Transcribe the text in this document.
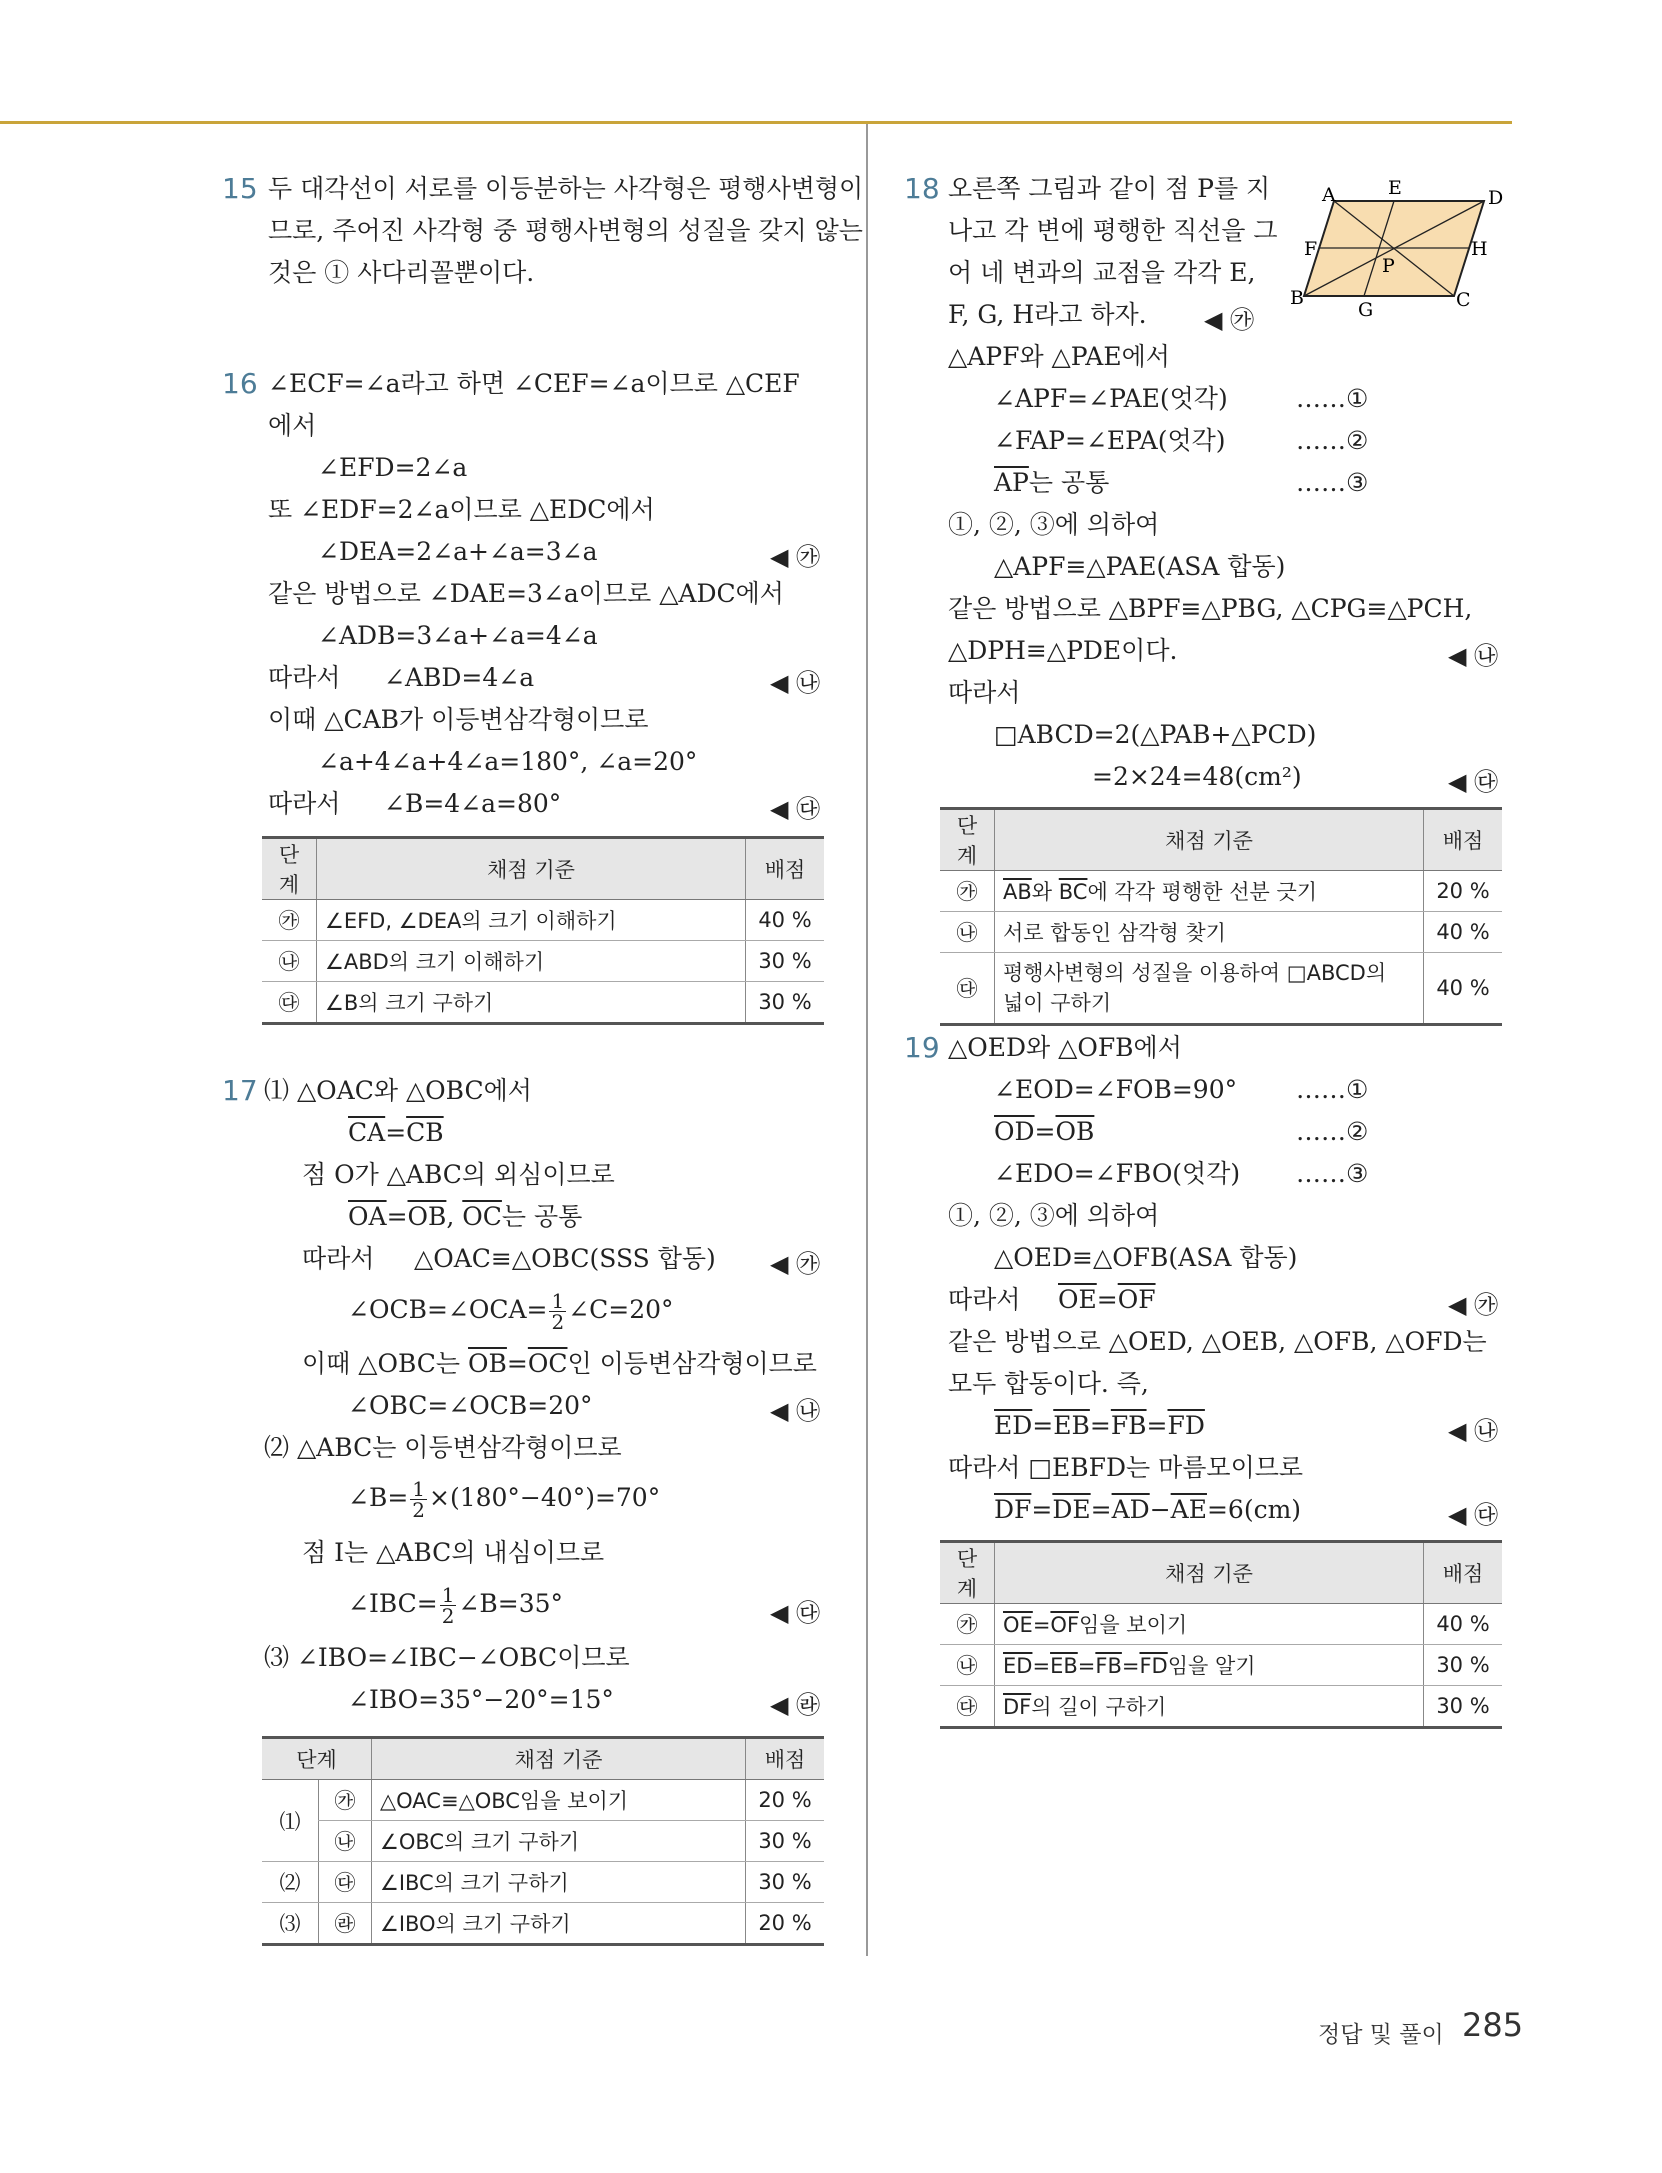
15 두 대각선이 서로를 이등분하는 사각형은 평행사변형이
므로, 주어진 사각형 중 평행사변형의 성질을 갖지 않는
것은 ① 사다리꼴뿐이다.
16 ∠ECF=∠a라고 하면 ∠CEF=∠a이므로 △CEF
에서
∠EFD=2∠a
또 ∠EDF=2∠a이므로 △EDC에서
∠DEA=2∠a+∠a=3∠a	◀ ㉮
같은 방법으로 ∠DAE=3∠a이므로 △ADC에서
∠ADB=3∠a+∠a=4∠a
따라서 ∠ABD=4∠a	◀ ㉯
이때 △CAB가 이등변삼각형이므로
∠a+4∠a+4∠a=180°, ∠a=20°
따라서 ∠B=4∠a=80°	◀ ㉰
단계	채점 기준	배점
㉮	∠EFD, ∠DEA의 크기 이해하기	40 %
㉯	∠ABD의 크기 이해하기	30 %
㉰	∠B의 크기 구하기	30 %
17 ⑴ △OAC와 △OBC에서
$\overline{CA}=\overline{CB}$
점 O가 △ABC의 외심이므로
$\overline{OA}=\overline{OB}$, $\overline{OC}$는 공통
따라서 △OAC≡△OBC(SSS 합동) ◀ ㉮
∠OCB=∠OCA= $\frac{1}{2}$ ∠C=20°
이때 △OBC는 $\overline{OB}=\overline{OC}$인 이등변삼각형이므로
∠OBC=∠OCB=20°	◀ ㉯
⑵ △ABC는 이등변삼각형이므로
∠B= $\frac{1}{2} \times(180^\circ-40^\circ)=70^\circ$
점 I는 △ABC의 내심이므로
∠IBC= $\frac{1}{2}$ ∠B=35°	◀ ㉰
⑶ ∠IBO=∠IBC−∠OBC이므로
∠IBO=35°−20°=15°	◀ ㉱
단계		채점 기준	배점
⑴	㉮	△OAC≡△OBC임을 보이기	20 %
	㉯	∠OBC의 크기 구하기	30 %
⑵	㉰	∠IBC의 크기 구하기	30 %
⑶	㉱	∠IBO의 크기 구하기	20 %
18 오른쪽 그림과 같이 점 P를 지
나고 각 변에 평행한 직선을 그
어 네 변과의 교점을 각각 E,
F, G, H라고 하자. ◀ ㉮
A	E	D
F
P
H
B
G	C
△APF와 △PAE에서
∠APF=∠PAE(엇각)	……①
∠FAP=∠EPA(엇각)	……②
$\overline{AP}$는 공통	……③
①, ②, ③에 의하여
△APF≡△PAE(ASA 합동)
같은 방법으로 △BPF≡△PBG, △CPG≡△PCH,
△DPH≡△PDE이다.	◀ ㉯
따라서
□ABCD=2(△PAB+△PCD)
=2×24=48(cm²)	◀ ㉰
단계	채점 기준	배점
㉮	$\overline{AB}$와 $\overline{BC}$에 각각 평행한 선분 긋기	20 %
㉯	서로 합동인 삼각형 찾기	40 %
㉰	평행사변형의 성질을 이용하여 □ABCD의
넓이 구하기	40 %
19 △OED와 △OFB에서
∠EOD=∠FOB=90° ……①
$\overline{OD}=\overline{OB}$	……②
∠EDO=∠FBO(엇각) ……③
①, ②, ③에 의하여
△OED≡△OFB(ASA 합동)
따라서 $\overline{OE}=\overline{OF}$	◀ ㉮
같은 방법으로 △OED, △OEB, △OFB, △OFD는
모두 합동이다. 즉,
$\overline{ED}=\overline{EB}=\overline{FB}=\overline{FD}$	◀ ㉯
따라서 □EBFD는 마름모이므로
$\overline{DF}=\overline{DE}=\overline{AD}-\overline{AE}=6(cm)$	◀ ㉰
단계	채점 기준	배점
㉮	$\overline{OE}=\overline{OF}$임을 보이기	40 %
㉯	$\overline{ED}=\overline{EB}=\overline{FB}=\overline{FD}$임을 알기	30 %
㉰	$\overline{DF}$의 길이 구하기	30 %
정답 및 풀이 285
